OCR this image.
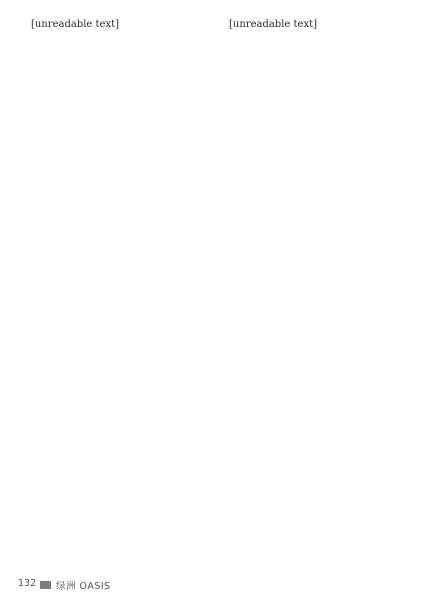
[unreadable text]	[unreadable text]

132 绿洲 OASIS
